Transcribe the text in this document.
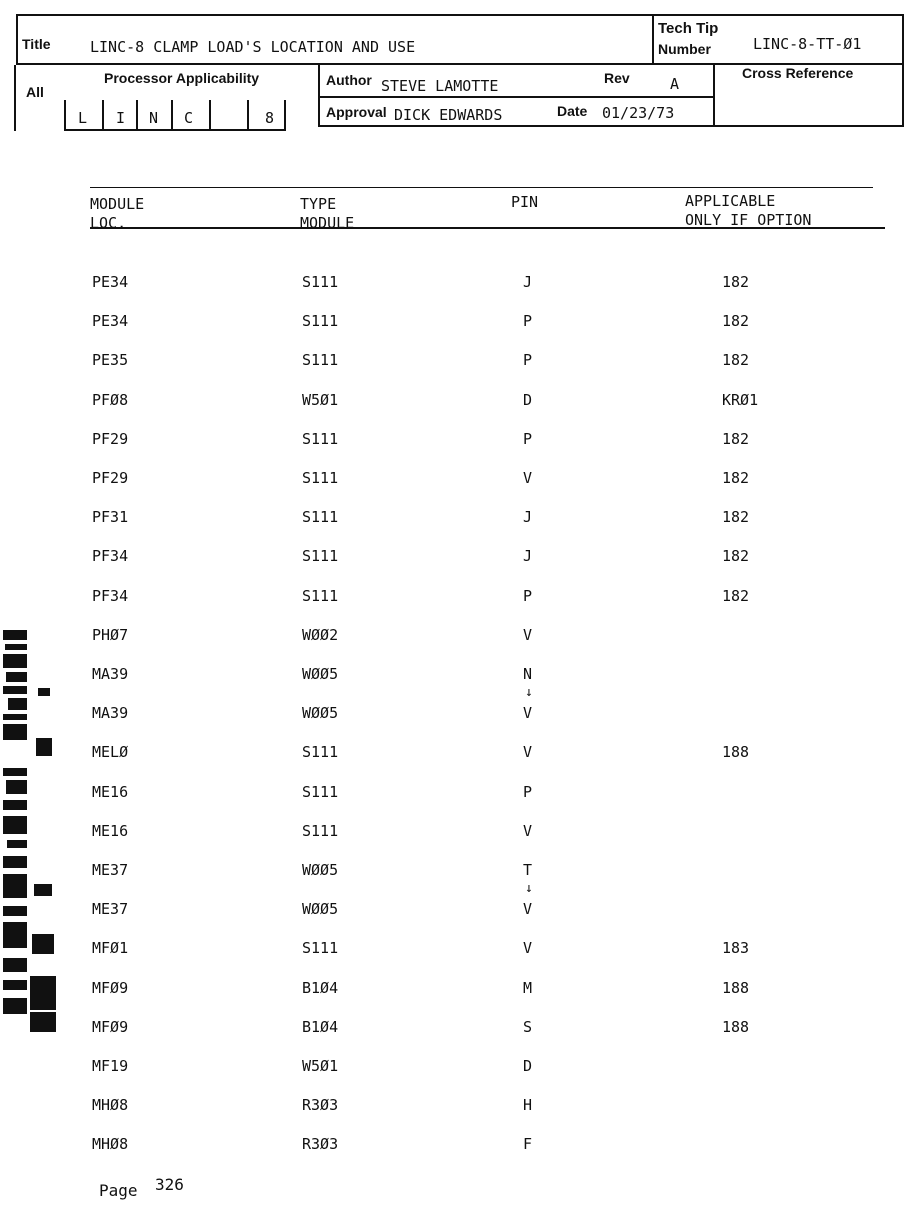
Title	LINC-8 CLAMP LOAD'S LOCATION AND USE
Tech Tip
Number	LINC-8-TT-Ø1
All
Processor Applicability
L I N C	8
Author STEVE LAMOTTE	Rev	A
Approval DICK EDWARDS	Date 01/23/73
Cross Reference
MODULE
LOC.
TYPE
MODULE
PIN	APPLICABLE
ONLY IF OPTION
PE34	S111	J	182
PE34	S111	P	182
PE35	S111	P	182
PFØ8	W5Ø1	D	KRØ1
PF29	S111	P	182
PF29	S111	V	182
PF31	S111	J	182
PF34	S111	J	182
PF34	S111	P	182
PHØ7	WØØ2	V
MA39	WØØ5	N
MA39	WØØ5	V
MELØ	S111	V	188
ME16	S111	P
ME16	S111	V
ME37	WØØ5	T
ME37	WØØ5	V
MFØ1	S111	V	183
MFØ9	B1Ø4	M	188
MFØ9	B1Ø4	S	188
MF19	W5Ø1	D
MHØ8	R3Ø3	H
MHØ8	R3Ø3	F
↓
↓
Page 326
